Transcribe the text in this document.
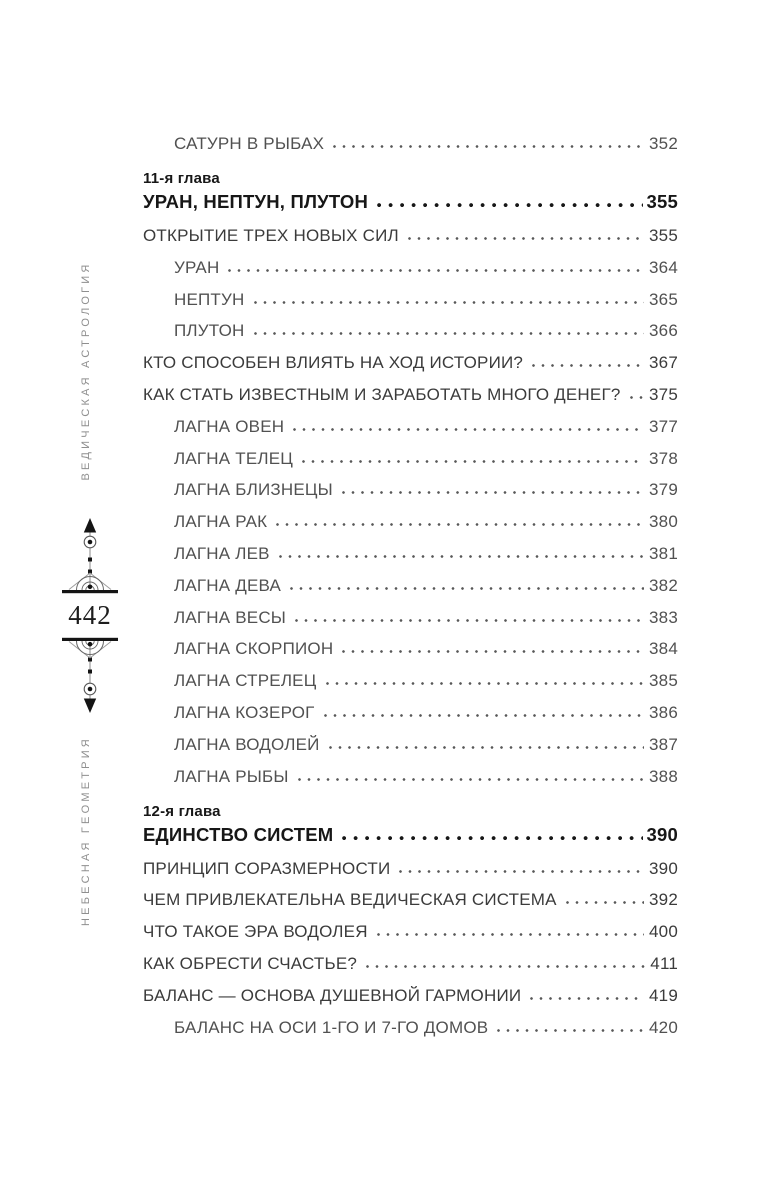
ВЕДИЧЕСКАЯ АСТРОЛОГИЯ
НЕБЕСНАЯ ГЕОМЕТРИЯ
442
САТУРН В РЫБАХ	352
11-я глава
УРАН, НЕПТУН, ПЛУТОН	355
ОТКРЫТИЕ ТРЕХ НОВЫХ СИЛ	355
УРАН	364
НЕПТУН	365
ПЛУТОН	366
КТО СПОСОБЕН ВЛИЯТЬ НА ХОД ИСТОРИИ?	367
КАК СТАТЬ ИЗВЕСТНЫМ И ЗАРАБОТАТЬ МНОГО ДЕНЕГ? 375
ЛАГНА ОВЕН	377
ЛАГНА ТЕЛЕЦ	378
ЛАГНА БЛИЗНЕЦЫ	379
ЛАГНА РАК	380
ЛАГНА ЛЕВ	381
ЛАГНА ДЕВА	382
ЛАГНА ВЕСЫ	383
ЛАГНА СКОРПИОН	384
ЛАГНА СТРЕЛЕЦ	385
ЛАГНА КОЗЕРОГ	386
ЛАГНА ВОДОЛЕЙ	387
ЛАГНА РЫБЫ	388
12-я глава
ЕДИНСТВО СИСТЕМ	390
ПРИНЦИП СОРАЗМЕРНОСТИ	390
ЧЕМ ПРИВЛЕКАТЕЛЬНА ВЕДИЧЕСКАЯ СИСТЕМА	392
ЧТО ТАКОЕ ЭРА ВОДОЛЕЯ	400
КАК ОБРЕСТИ СЧАСТЬЕ?	411
БАЛАНС — ОСНОВА ДУШЕВНОЙ ГАРМОНИИ	419
БАЛАНС НА ОСИ 1-ГО И 7-ГО ДОМОВ	420
